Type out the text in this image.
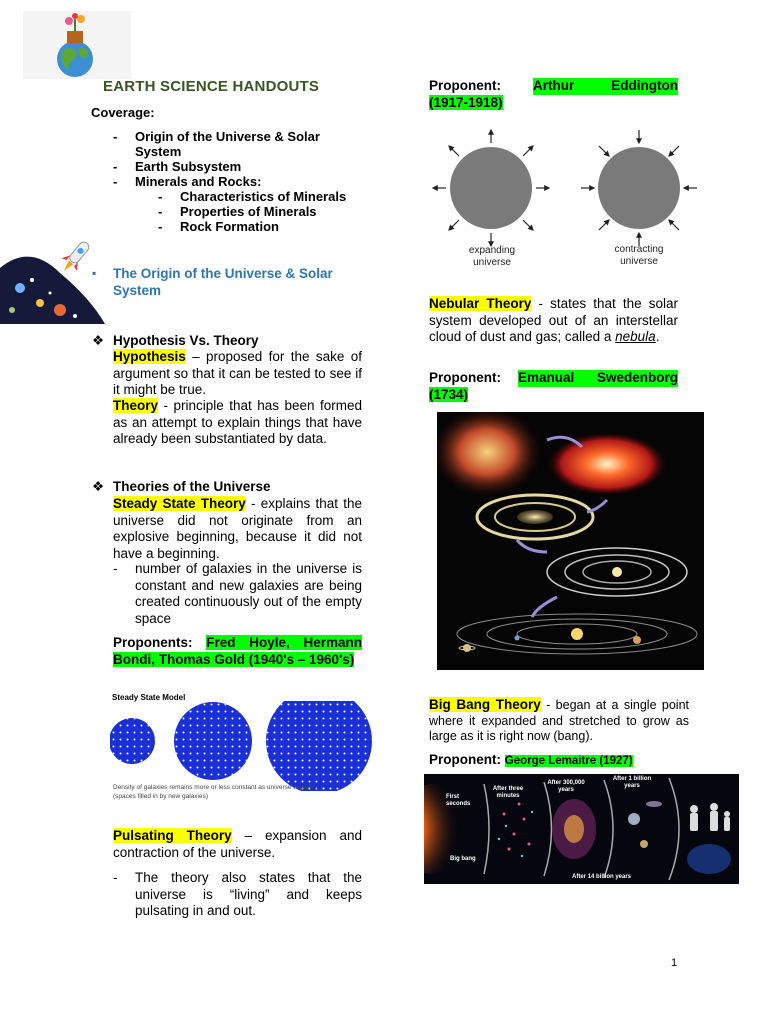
EARTH SCIENCE HANDOUTS
Coverage:
- Origin of the Universe & Solar System
- Earth Subsystem
- Minerals and Rocks:
- Characteristics of Minerals
- Properties of Minerals
- Rock Formation
▪ The Origin of the Universe & Solar System
❖ Hypothesis Vs. Theory
Hypothesis – proposed for the sake of argument so that it can be tested to see if it might be true.
Theory - principle that has been formed as an attempt to explain things that have already been substantiated by data.
❖ Theories of the Universe
Steady State Theory - explains that the universe did not originate from an explosive beginning, because it did not have a beginning.
- number of galaxies in the universe is constant and new galaxies are being created continuously out of the empty space
Proponents: Fred Hoyle, Hermann Bondi, Thomas Gold (1940's – 1960's)
Steady State Model
Density of galaxies remains more or less constant as universe expands
(spaces filled in by new galaxies)
Pulsating Theory – expansion and contraction of the universe.
- The theory also states that the universe is “living” and keeps pulsating in and out.
Proponent: Arthur Eddington
(1917-1918)
expanding
universe
contracting
universe
Nebular Theory - states that the solar system developed out of an interstellar cloud of dust and gas; called a nebula.
Proponent: Emanual Swedenborg
(1734)
Big Bang Theory - began at a single point where it expanded and stretched to grow as large as it is right now (bang).
Proponent: George Lemaitre (1927)
First seconds
After three minutes
After 300,000 years
After 1 billion years
Big bang
After 14 billion years
1
